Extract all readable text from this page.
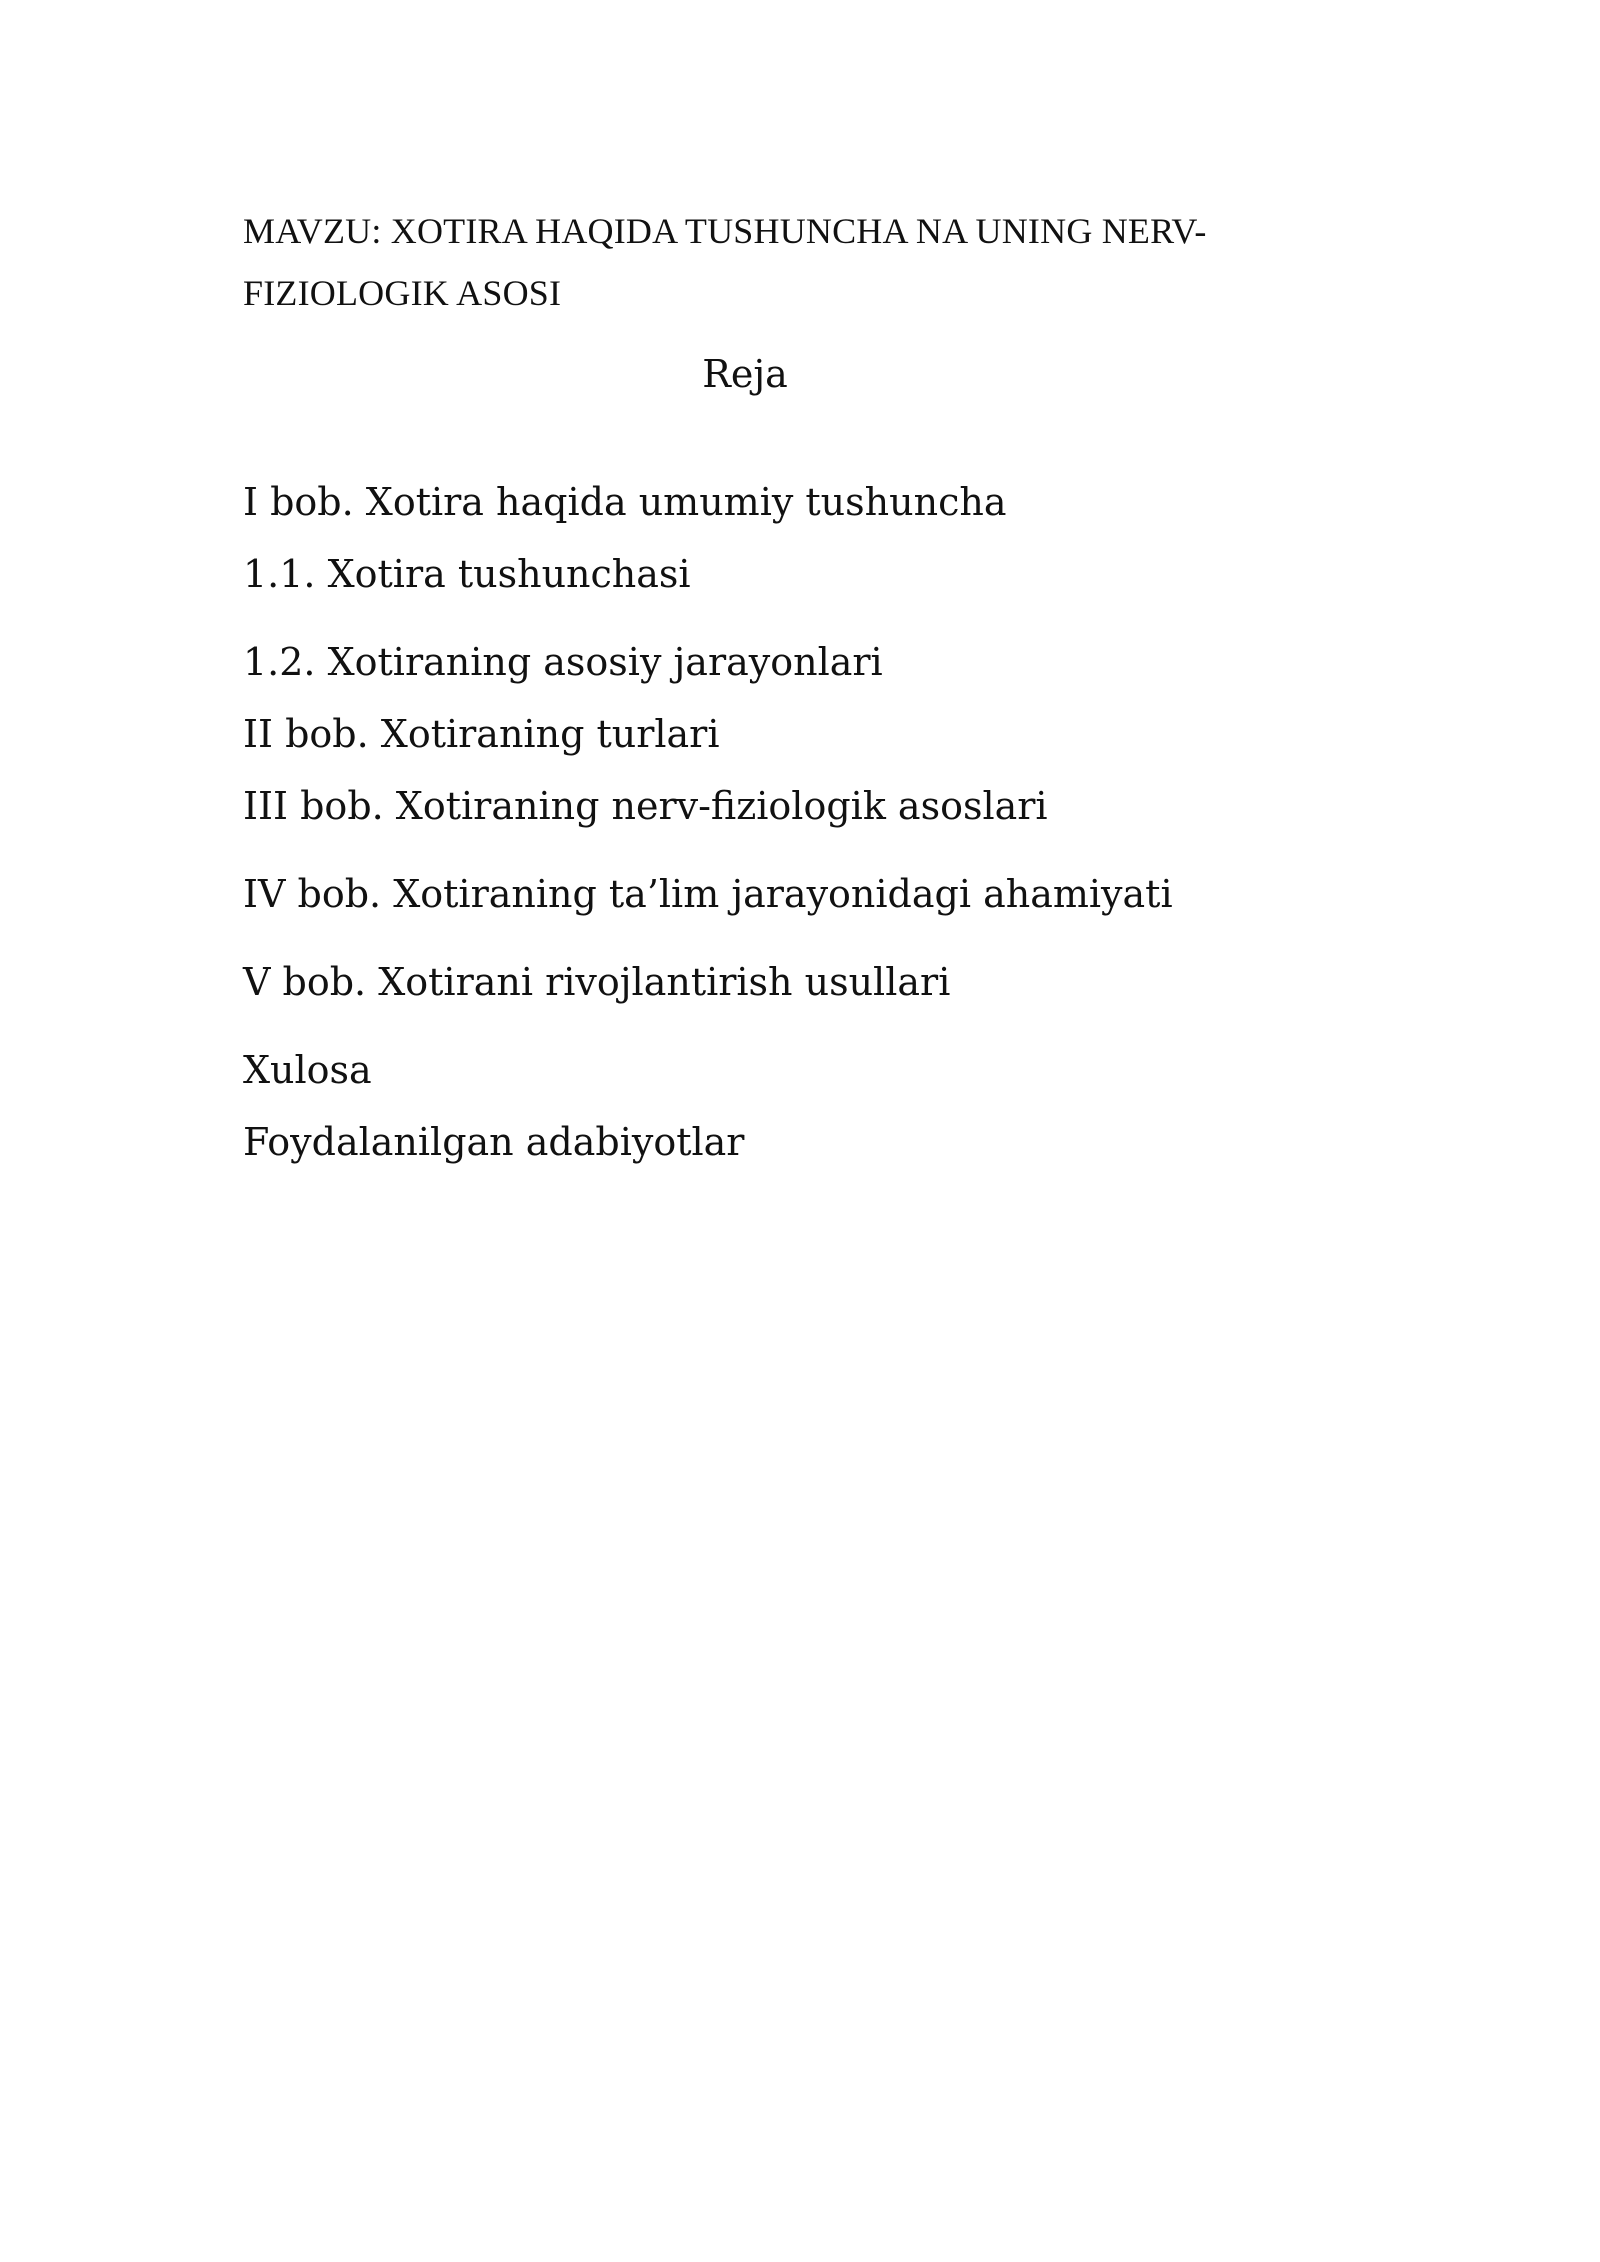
MAVZU: XOTIRA HAQIDA TUSHUNCHA NA UNING NERV-FIZIOLOGIK ASOSI
Reja
I bob. Xotira haqida umumiy tushuncha
1.1. Xotira tushunchasi
1.2. Xotiraning asosiy jarayonlari
II bob. Xotiraning turlari
III bob. Xotiraning nerv-fiziologik asoslari
IV bob. Xotiraning ta’lim jarayonidagi ahamiyati
V bob. Xotirani rivojlantirish usullari
Xulosa
Foydalanilgan adabiyotlar
